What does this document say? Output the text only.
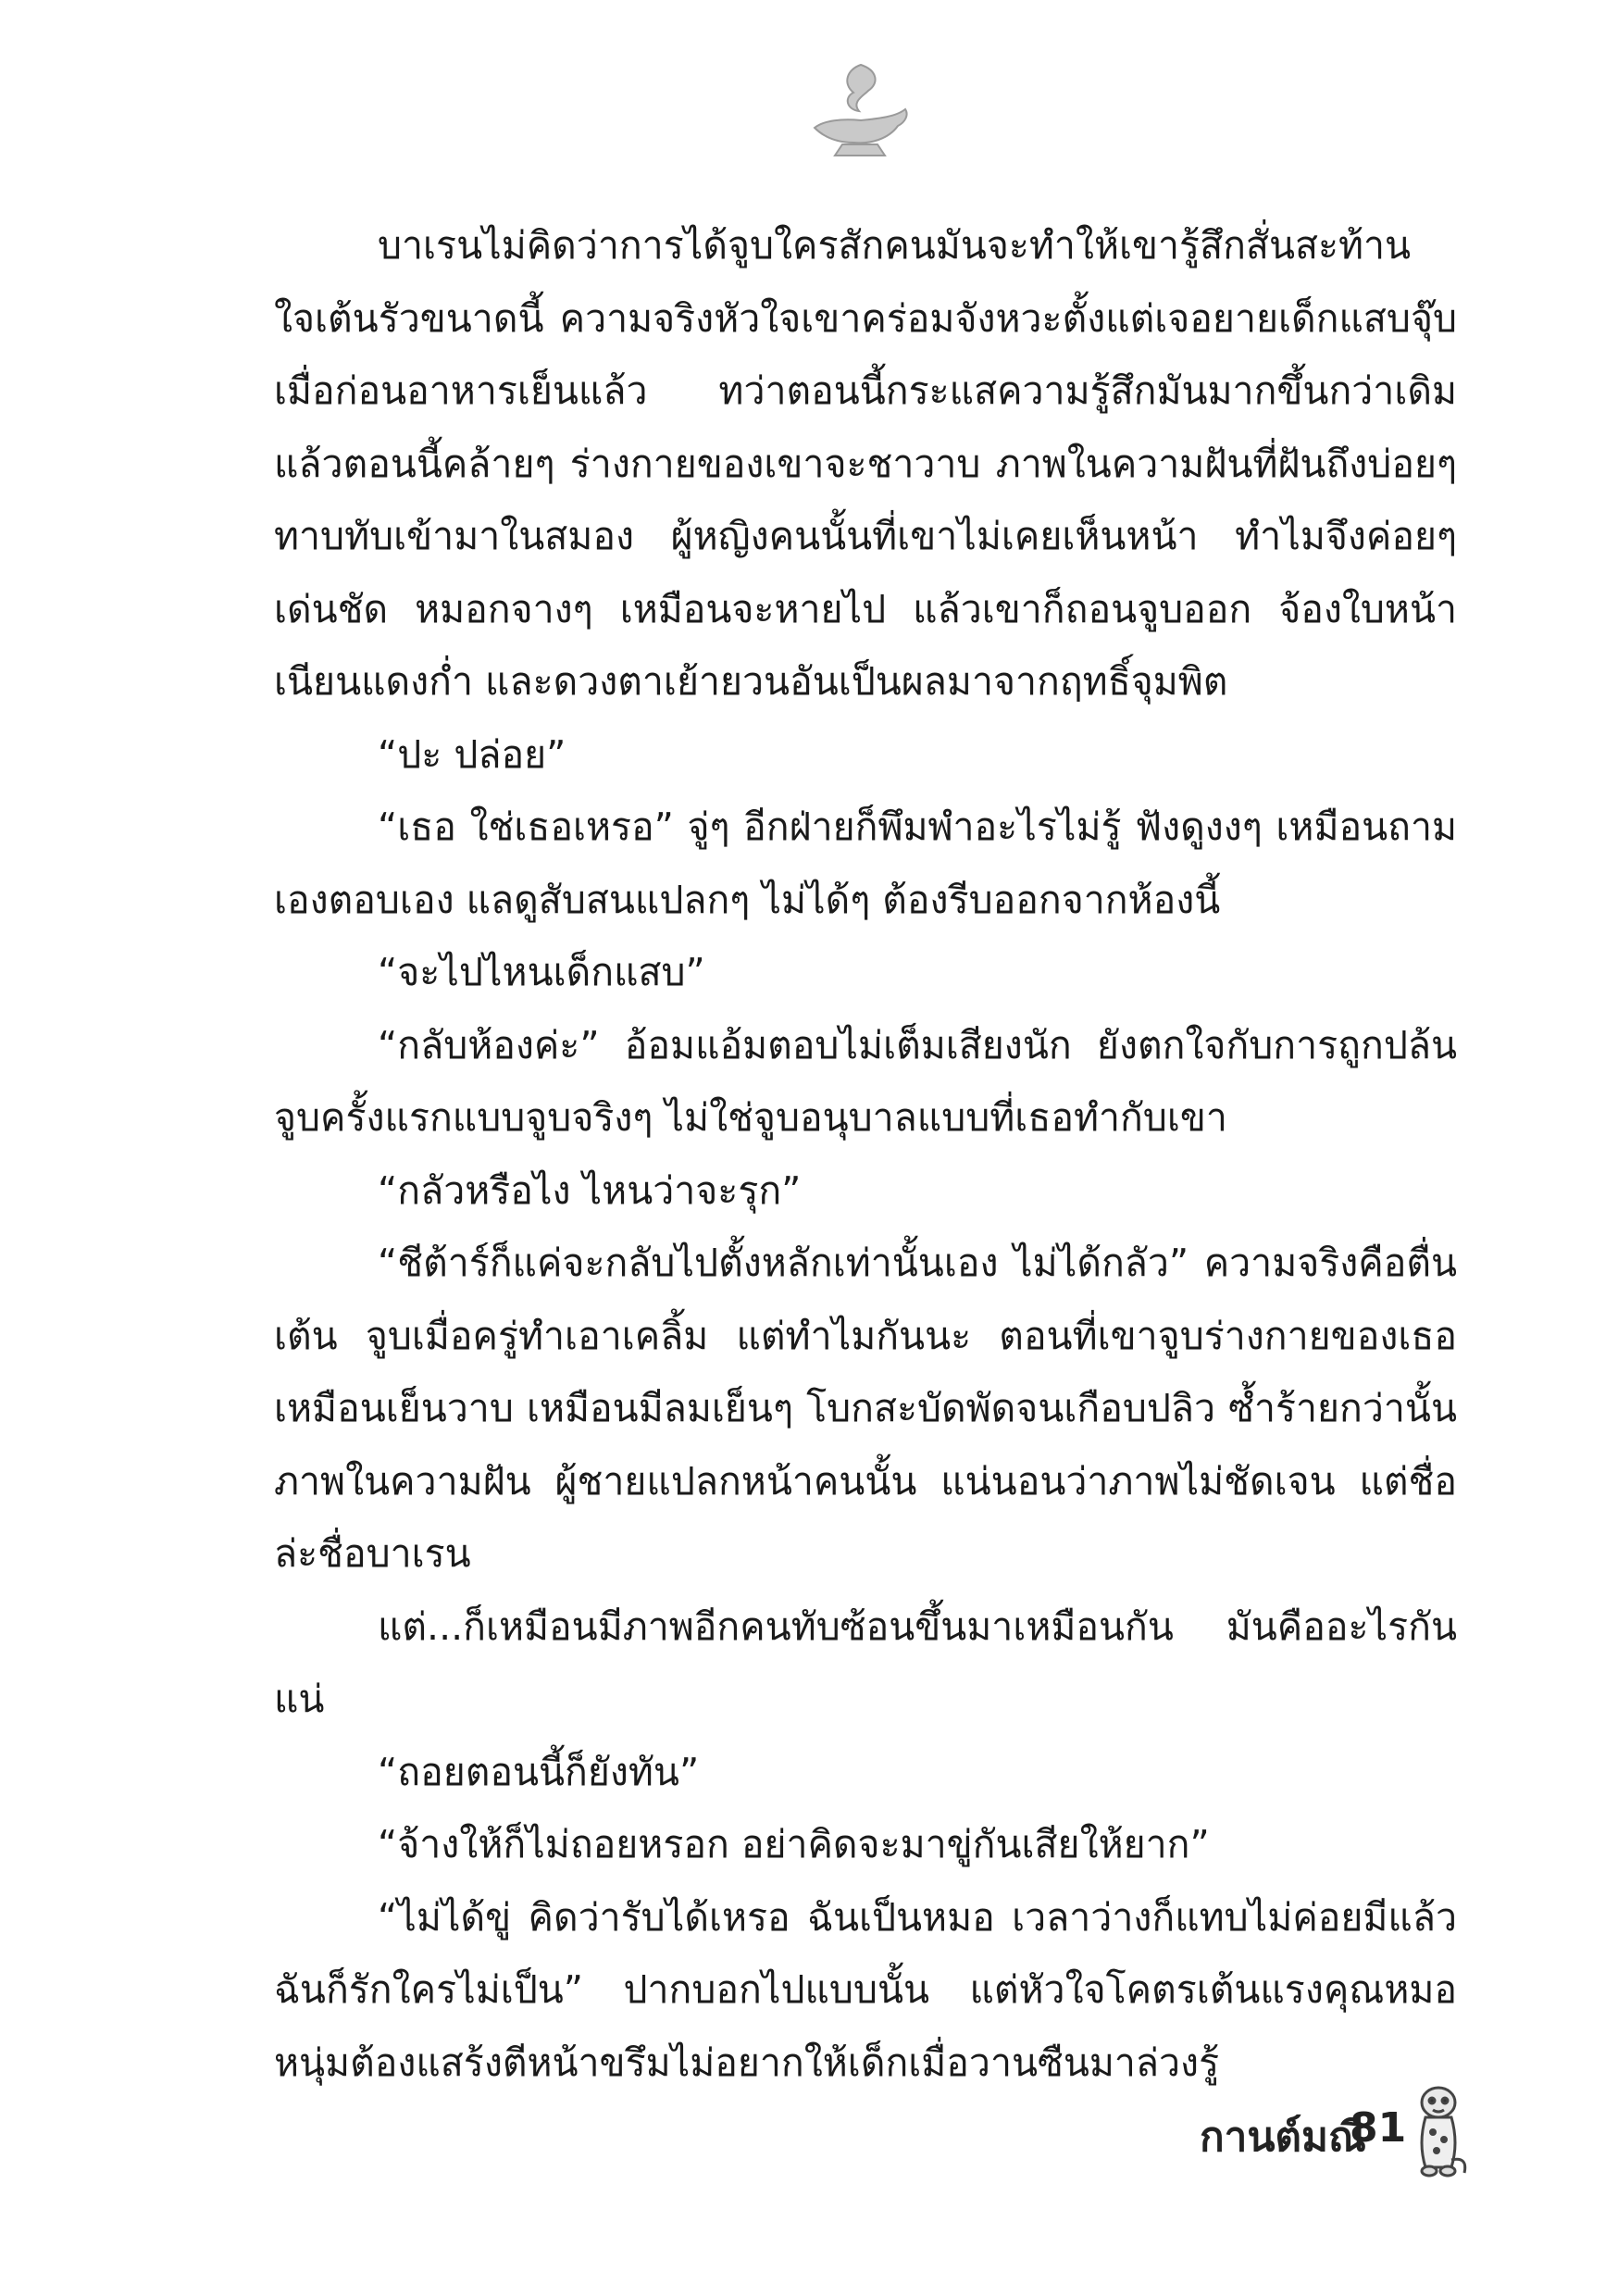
บาเรนไม่คิดว่าการได้จูบใครสักคนมันจะทำให้เขารู้สึกสั่นสะท้าน ใจเต้นรัวขนาดนี้ ความจริงหัวใจเขาคร่อมจังหวะตั้งแต่เจอยายเด็กแสบจุ๊บเมื่อก่อนอาหารเย็นแล้ว ทว่าตอนนี้กระแสความรู้สึกมันมากขึ้นกว่าเดิม แล้วตอนนี้คล้ายๆ ร่างกายของเขาจะชาวาบ ภาพในความฝันที่ฝันถึงบ่อยๆ ทาบทับเข้ามาในสมอง ผู้หญิงคนนั้นที่เขาไม่เคยเห็นหน้า ทำไมจึงค่อยๆ เด่นชัด หมอกจางๆ เหมือนจะหายไป แล้วเขาก็ถอนจูบออก จ้องใบหน้าเนียนแดงก่ำ และดวงตาเย้ายวนอันเป็นผลมาจากฤทธิ์จุมพิต

“ปะ ปล่อย”

“เธอ ใช่เธอเหรอ” จู่ๆ อีกฝ่ายก็พึมพำอะไรไม่รู้ ฟังดูงงๆ เหมือนถามเองตอบเอง แลดูสับสนแปลกๆ ไม่ได้ๆ ต้องรีบออกจากห้องนี้

“จะไปไหนเด็กแสบ”

“กลับห้องค่ะ” อ้อมแอ้มตอบไม่เต็มเสียงนัก ยังตกใจกับการถูกปล้นจูบครั้งแรกแบบจูบจริงๆ ไม่ใช่จูบอนุบาลแบบที่เธอทำกับเขา

“กลัวหรือไง ไหนว่าจะรุก”

“ชีต้าร์ก็แค่จะกลับไปตั้งหลักเท่านั้นเอง ไม่ได้กลัว” ความจริงคือตื่นเต้น จูบเมื่อครู่ทำเอาเคลิ้ม แต่ทำไมกันนะ ตอนที่เขาจูบร่างกายของเธอเหมือนเย็นวาบ เหมือนมีลมเย็นๆ โบกสะบัดพัดจนเกือบปลิว ซ้ำร้ายกว่านั้นภาพในความฝัน ผู้ชายแปลกหน้าคนนั้น แน่นอนว่าภาพไม่ชัดเจน แต่ชื่อล่ะชื่อบาเรน

แต่...ก็เหมือนมีภาพอีกคนทับซ้อนขึ้นมาเหมือนกัน มันคืออะไรกันแน่

“ถอยตอนนี้ก็ยังทัน”

“จ้างให้ก็ไม่ถอยหรอก อย่าคิดจะมาขู่กันเสียให้ยาก”

“ไม่ได้ขู่ คิดว่ารับได้เหรอ ฉันเป็นหมอ เวลาว่างก็แทบไม่ค่อยมีแล้วฉันก็รักใครไม่เป็น” ปากบอกไปแบบนั้น แต่หัวใจโคตรเต้นแรงคุณหมอหนุ่มต้องแสร้งตีหน้าขรึมไม่อยากให้เด็กเมื่อวานซืนมาล่วงรู้

กานต์มณี
81
